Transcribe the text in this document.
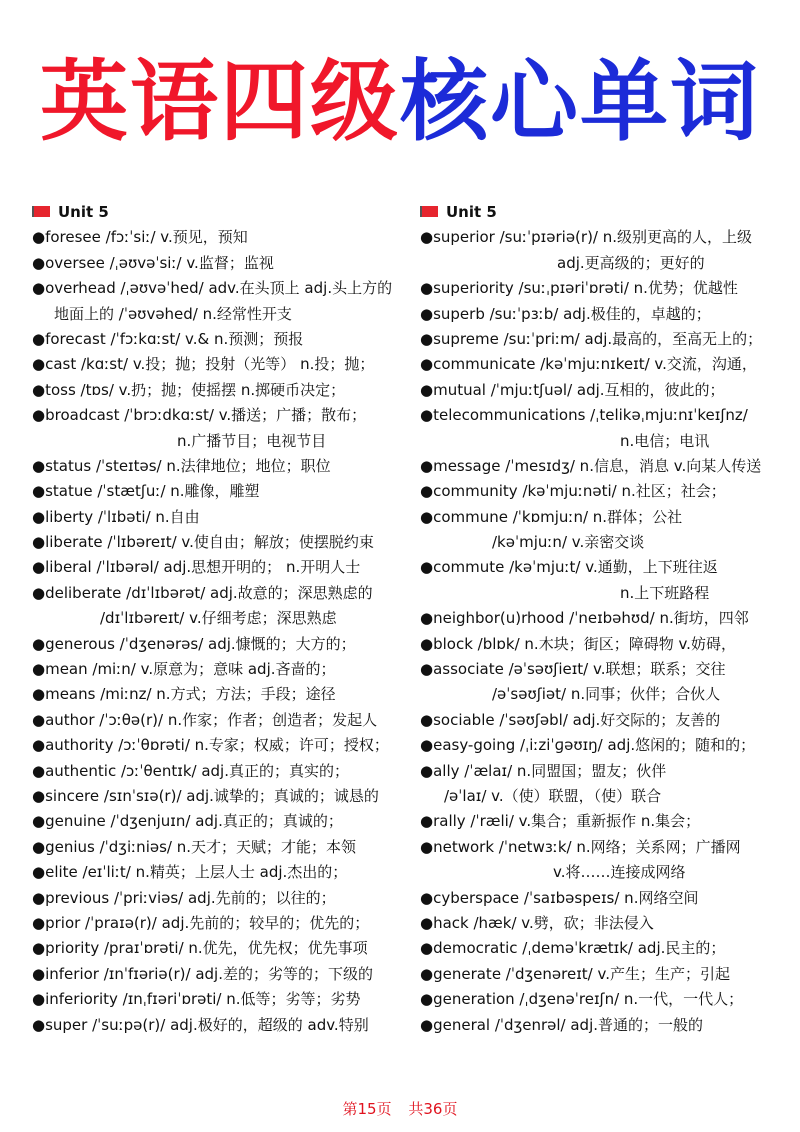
英语四级核心单词
Unit 5
●foresee /fɔːˈsiː/ v.预见，预知
●oversee /ˌəʊvəˈsiː/ v.监督；监视
●overhead /ˌəʊvəˈhed/ adv.在头顶上 adj.头上方的
地面上的 /ˈəʊvəhed/ n.经常性开支
●forecast /ˈfɔːkɑːst/ v.& n.预测；预报
●cast /kɑːst/ v.投；抛；投射（光等） n.投；抛；
●toss /tɒs/ v.扔；抛；使摇摆 n.掷硬币决定；
●broadcast /ˈbrɔːdkɑːst/ v.播送；广播；散布；
n.广播节目；电视节目
●status /ˈsteɪtəs/ n.法律地位；地位；职位
●statue /ˈstætʃuː/ n.雕像，雕塑
●liberty /ˈlɪbəti/ n.自由
●liberate /ˈlɪbəreɪt/ v.使自由；解放；使摆脱约束
●liberal /ˈlɪbərəl/ adj.思想开明的； n.开明人士
●deliberate /dɪˈlɪbərət/ adj.故意的；深思熟虑的
/dɪˈlɪbəreɪt/ v.仔细考虑；深思熟虑
●generous /ˈdʒenərəs/ adj.慷慨的；大方的；
●mean /miːn/ v.原意为；意味 adj.吝啬的；
●means /miːnz/ n.方式；方法；手段；途径
●author /ˈɔːθə(r)/ n.作家；作者；创造者；发起人
●authority /ɔːˈθɒrəti/ n.专家；权威；许可；授权；
●authentic /ɔːˈθentɪk/ adj.真正的；真实的；
●sincere /sɪnˈsɪə(r)/ adj.诚挚的；真诚的；诚恳的
●genuine /ˈdʒenjuɪn/ adj.真正的；真诚的；
●genius /ˈdʒiːniəs/ n.天才；天赋；才能；本领
●elite /eɪˈliːt/ n.精英；上层人士 adj.杰出的；
●previous /ˈpriːviəs/ adj.先前的；以往的；
●prior /ˈpraɪə(r)/ adj.先前的；较早的；优先的；
●priority /praɪˈɒrəti/ n.优先，优先权；优先事项
●inferior /ɪnˈfɪəriə(r)/ adj.差的；劣等的；下级的
●inferiority /ɪnˌfɪəriˈɒrəti/ n.低等；劣等；劣势
●super /ˈsuːpə(r)/ adj.极好的，超级的 adv.特别
Unit 5
●superior /suːˈpɪəriə(r)/ n.级别更高的人，上级
adj.更高级的；更好的
●superiority /suːˌpɪəriˈɒrəti/ n.优势；优越性
●superb /suːˈpɜːb/ adj.极佳的，卓越的；
●supreme /suːˈpriːm/ adj.最高的，至高无上的；
●communicate /kəˈmjuːnɪkeɪt/ v.交流，沟通，
●mutual /ˈmjuːtʃuəl/ adj.互相的，彼此的；
●telecommunications /ˌtelikəˌmjuːnɪˈkeɪʃnz/
n.电信；电讯
●message /ˈmesɪdʒ/ n.信息，消息 v.向某人传送
●community /kəˈmjuːnəti/ n.社区；社会；
●commune /ˈkɒmjuːn/ n.群体；公社
/kəˈmjuːn/ v.亲密交谈
●commute /kəˈmjuːt/ v.通勤，上下班往返
n.上下班路程
●neighbor(u)rhood /ˈneɪbəhʊd/ n.街坊，四邻
●block /blɒk/ n.木块；街区；障碍物 v.妨碍，
●associate /əˈsəʊʃieɪt/ v.联想；联系；交往
/əˈsəʊʃiət/ n.同事；伙伴；合伙人
●sociable /ˈsəʊʃəbl/ adj.好交际的；友善的
●easy-going /ˌiːziˈɡəʊɪŋ/ adj.悠闲的；随和的；
●ally /ˈælaɪ/ n.同盟国；盟友；伙伴
/əˈlaɪ/ v.（使）联盟，（使）联合
●rally /ˈræli/ v.集合；重新振作 n.集会；
●network /ˈnetwɜːk/ n.网络；关系网；广播网
v.将……连接成网络
●cyberspace /ˈsaɪbəspeɪs/ n.网络空间
●hack /hæk/ v.劈，砍；非法侵入
●democratic /ˌdeməˈkrætɪk/ adj.民主的；
●generate /ˈdʒenəreɪt/ v.产生；生产；引起
●generation /ˌdʒenəˈreɪʃn/ n.一代，一代人；
●general /ˈdʒenrəl/ adj.普通的；一般的
第15页 共36页
